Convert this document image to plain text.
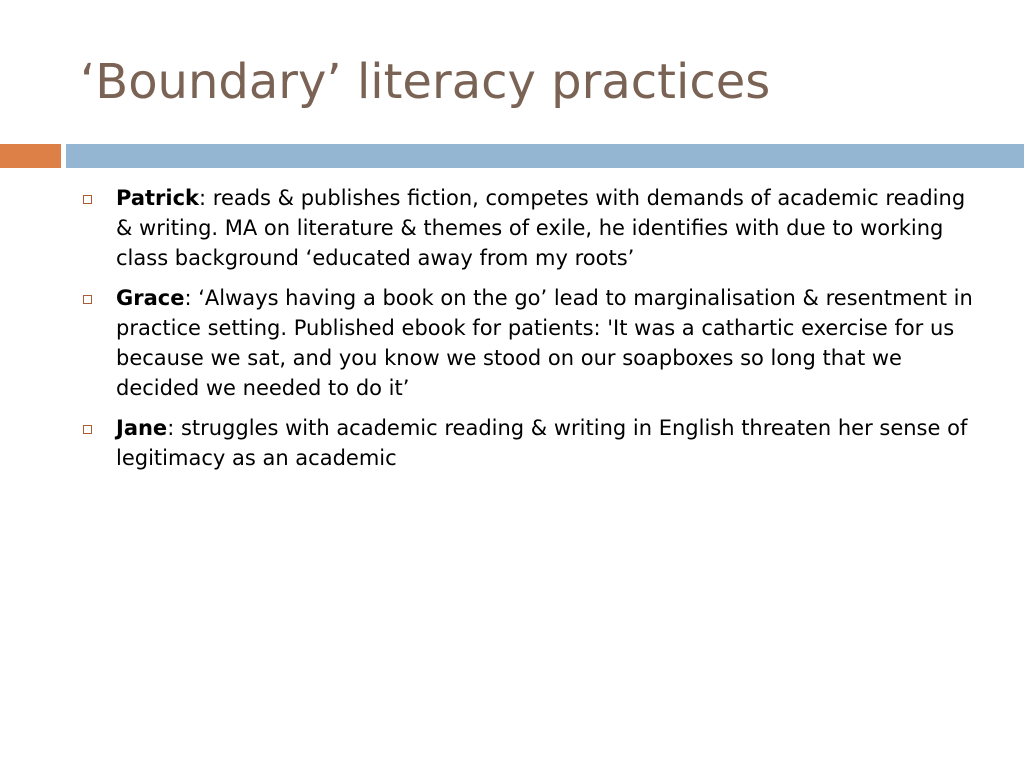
‘Boundary’ literacy practices
Patrick: reads & publishes fiction, competes with demands of academic reading & writing. MA on literature & themes of exile, he identifies with due to working class background ‘educated away from my roots’
Grace: ‘Always having a book on the go’ lead to marginalisation & resentment in practice setting. Published ebook for patients: 'It was a cathartic exercise for us because we sat, and you know we stood on our soapboxes so long that we decided we needed to do it’
Jane: struggles with academic reading & writing in English threaten her sense of legitimacy as an academic
